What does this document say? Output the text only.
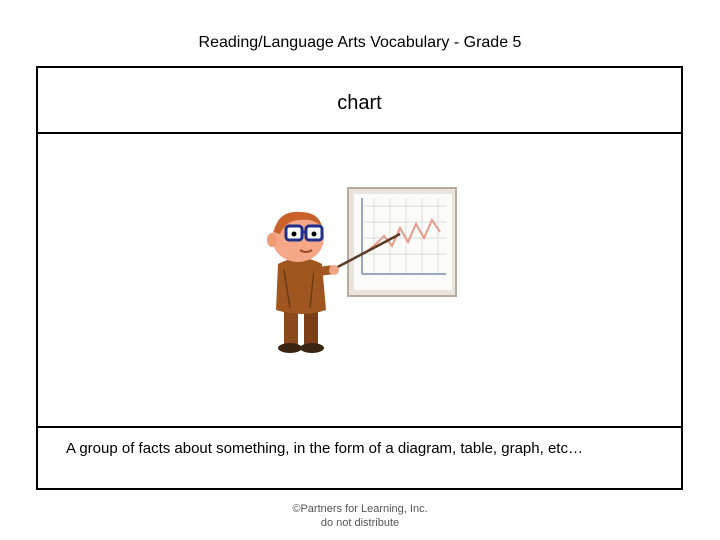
Reading/Language Arts Vocabulary - Grade 5
chart
A group of facts about something, in the form of a diagram, table, graph, etc…
©Partners for Learning, Inc.
do not distribute
